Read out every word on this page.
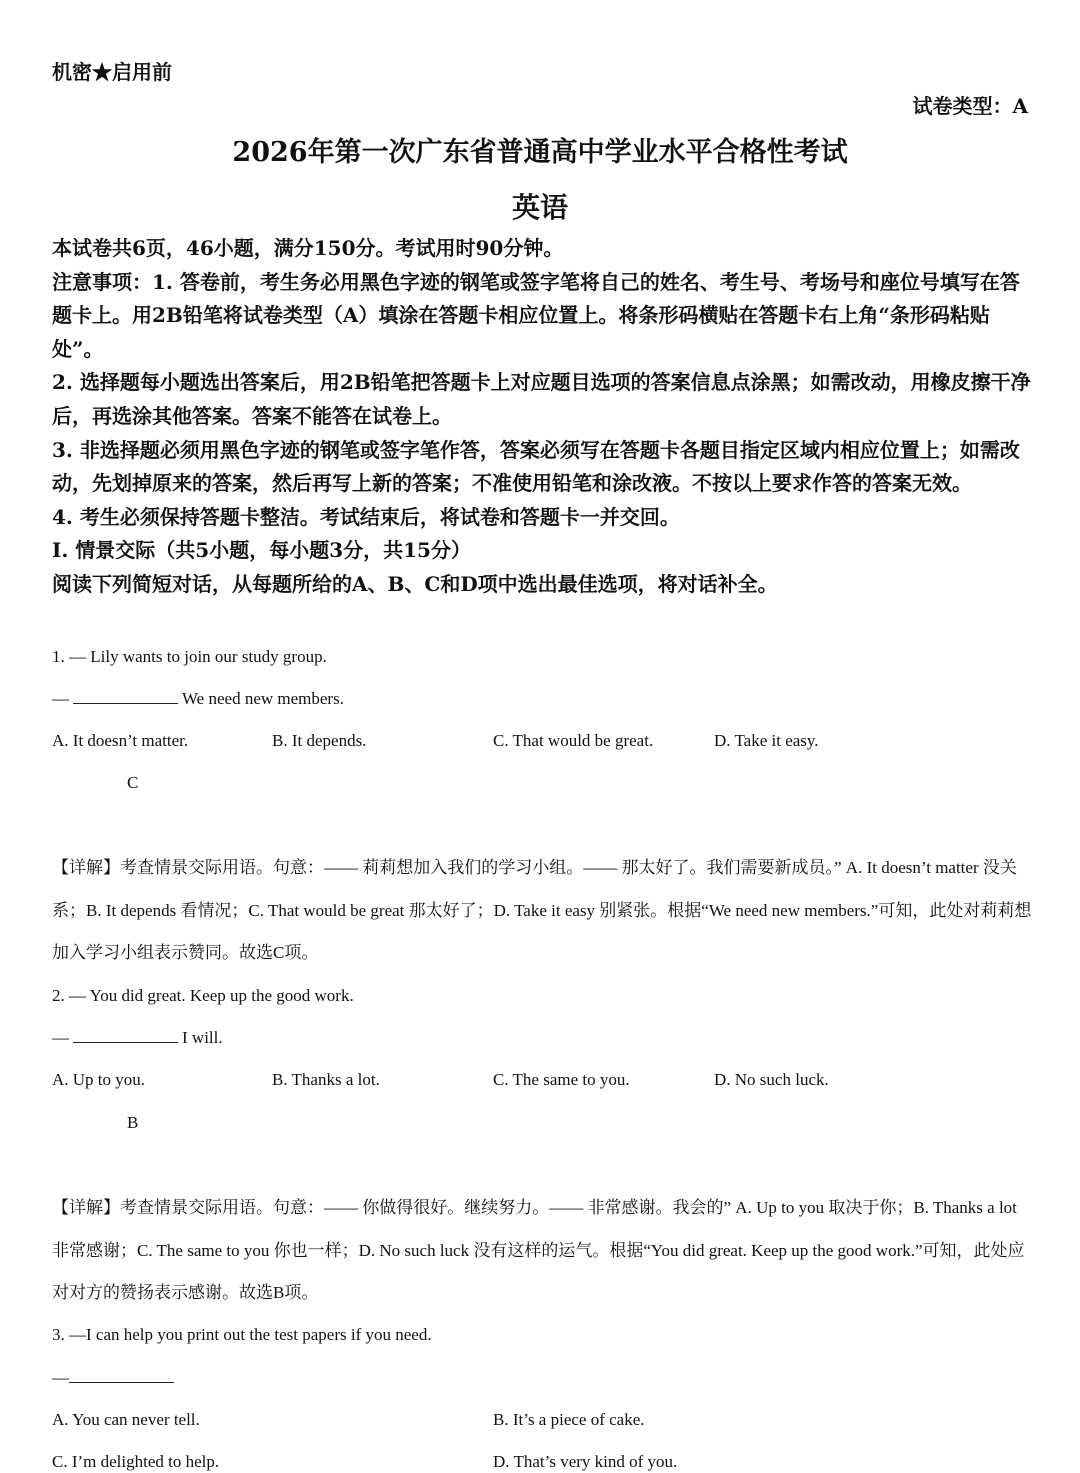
机密★启用前
试卷类型：A
2026年第一次广东省普通高中学业水平合格性考试
英语
本试卷共6页，46小题，满分150分。考试用时90分钟。
注意事项：1. 答卷前，考生务必用黑色字迹的钢笔或签字笔将自己的姓名、考生号、考场号和座位号填写在答题卡上。用2B铅笔将试卷类型（A）填涂在答题卡相应位置上。将条形码横贴在答题卡右上角“条形码粘贴处”。
2. 选择题每小题选出答案后，用2B铅笔把答题卡上对应题目选项的答案信息点涂黑；如需改动，用橡皮擦干净后，再选涂其他答案。答案不能答在试卷上。
3. 非选择题必须用黑色字迹的钢笔或签字笔作答，答案必须写在答题卡各题目指定区域内相应位置上；如需改动，先划掉原来的答案，然后再写上新的答案；不准使用铅笔和涂改液。不按以上要求作答的答案无效。
4. 考生必须保持答题卡整洁。考试结束后，将试卷和答题卡一并交回。
Ⅰ. 情景交际（共5小题，每小题3分，共15分）
阅读下列简短对话，从每题所给的A、B、C和D项中选出最佳选项，将对话补全。
1. — Lily wants to join our study group.
—	We need new members.
A. It doesn’t matter.	B. It depends.	C. That would be great.	D. Take it easy.
C
【详解】考查情景交际用语。句意：—— 莉莉想加入我们的学习小组。—— 那太好了。我们需要新成员。” A. It doesn’t matter 没关系；B. It depends 看情况；C. That would be great 那太好了；D. Take it easy 别紧张。根据“We need new members.”可知，此处对莉莉想加入学习小组表示赞同。故选C项。
2. — You did great. Keep up the good work.
—	I will.
A. Up to you.	B. Thanks a lot.	C. The same to you.	D. No such luck.
B
【详解】考查情景交际用语。句意：—— 你做得很好。继续努力。—— 非常感谢。我会的” A. Up to you 取决于你；B. Thanks a lot 非常感谢；C. The same to you 你也一样；D. No such luck 没有这样的运气。根据“You did great. Keep up the good work.”可知，此处应对对方的赞扬表示感谢。故选B项。
3. —I can help you print out the test papers if you need.
—
A. You can never tell.	B. It’s a piece of cake.
C. I’m delighted to help.	D. That’s very kind of you.
